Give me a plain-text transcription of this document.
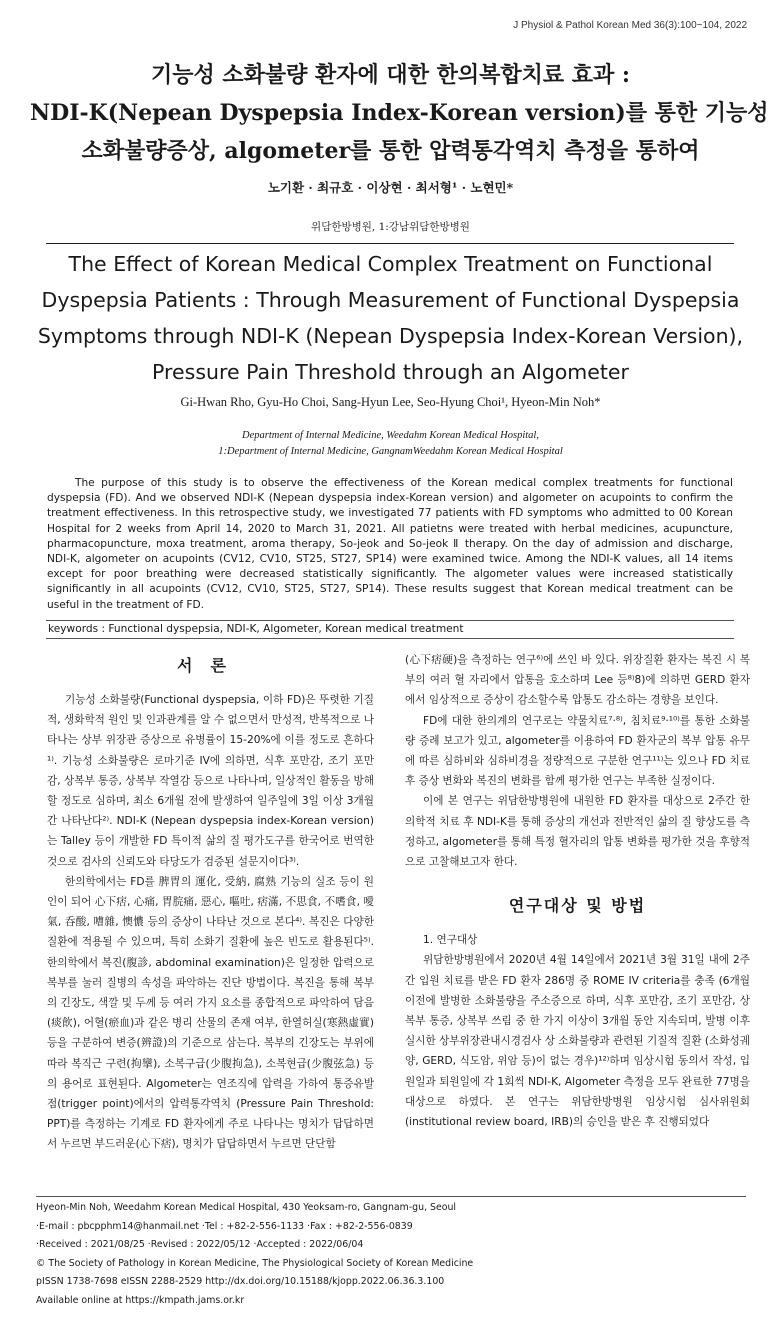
J Physiol & Pathol Korean Med 36(3):100~104, 2022
기능성 소화불량 환자에 대한 한의복합치료 효과 :
NDI-K(Nepean Dyspepsia Index-Korean version)를 통한 기능성
소화불량증상, algometer를 통한 압력통각역치 측정을 통하여
노기환 · 최규호 · 이상현 · 최서형¹ · 노현민*
위담한방병원, 1:강남위담한방병원
The Effect of Korean Medical Complex Treatment on Functional
Dyspepsia Patients : Through Measurement of Functional Dyspepsia
Symptoms through NDI-K (Nepean Dyspepsia Index-Korean Version),
Pressure Pain Threshold through an Algometer
Gi-Hwan Rho, Gyu-Ho Choi, Sang-Hyun Lee, Seo-Hyung Choi¹, Hyeon-Min Noh*
Department of Internal Medicine, Weedahm Korean Medical Hospital,
1:Department of Internal Medicine, GangnamWeedahm Korean Medical Hospital
The purpose of this study is to observe the effectiveness of the Korean medical complex treatments for functional dyspepsia (FD). And we observed NDI-K (Nepean dyspepsia index-Korean version) and algometer on acupoints to confirm the treatment effectiveness. In this retrospective study, we investigated 77 patients with FD symptoms who admitted to 00 Korean Hospital for 2 weeks from April 14, 2020 to March 31, 2021. All patietns were treated with herbal medicines, acupuncture, pharmacopuncture, moxa treatment, aroma therapy, So-jeok and So-jeok Ⅱ therapy. On the day of admission and discharge, NDI-K, algometer on acupoints (CV12, CV10, ST25, ST27, SP14) were examined twice. Among the NDI-K values, all 14 items except for poor breathing were decreased statistically significantly. The algometer values were increased statistically significantly in all acupoints (CV12, CV10, ST25, ST27, SP14). These results suggest that Korean medical treatment can be useful in the treatment of FD.
keywords : Functional dyspepsia, NDI-K, Algometer, Korean medical treatment
서론

기능성 소화불량(Functional dyspepsia, 이하 FD)은 뚜렷한 기질적, 생화학적 원인 및 인과관계를 알 수 없으면서 만성적, 반복적으로 나타나는 상부 위장관 증상으로 유병률이 15-20%에 이를 정도로 흔하다¹⁾. 기능성 소화불량은 로마기준 IV에 의하면, 식후 포만감, 조기 포만감, 상복부 통증, 상복부 작열감 등으로 나타나며, 일상적인 활동을 방해할 정도로 심하며, 최소 6개월 전에 발생하여 일주일에 3일 이상 3개월간 나타난다²⁾. NDI-K (Nepean dyspepsia index-Korean version)는 Talley 등이 개발한 FD 특이적 삶의 질 평가도구를 한국어로 번역한 것으로 검사의 신뢰도와 타당도가 검증된 설문지이다³⁾.

한의학에서는 FD를 脾胃의 運化, 受納, 腐熟 기능의 실조 등이 원인이 되어 心下痞, 心痛, 胃脘痛, 惡心, 嘔吐, 痞滿, 不思食, 不嗜食, 噯氣, 呑酸, 嘈雜, 懊憹 등의 증상이 나타난 것으로 본다⁴⁾. 복진은 다양한 질환에 적용될 수 있으며, 특히 소화기 질환에 높은 빈도로 활용된다⁵⁾. 한의학에서 복진(腹診, abdominal examination)은 일정한 압력으로 복부를 눌러 질병의 속성을 파악하는 진단 방법이다. 복진을 통해 복부의 긴장도, 색깔 및 두께 등 여러 가지 요소를 종합적으로 파악하여 담음(痰飮), 어혈(瘀血)과 같은 병리 산물의 존재 여부, 한열허실(寒熱虛實) 등을 구분하여 변증(辨證)의 기준으로 삼는다. 복부의 긴장도는 부위에 따라 복직근 구련(拘攣), 소복구급(少腹拘急), 소복현급(少腹弦急) 등의 용어로 표현된다. Algometer는 연조직에 압력을 가하여 통증유발점(trigger point)에서의 압력통각역치 (Pressure Pain Threshold: PPT)를 측정하는 기계로 FD 환자에게 주로 나타나는 명치가 답답하면서 누르면 부드러운(心下痞), 명치가 답답하면서 누르면 단단함

(心下痞硬)을 측정하는 연구⁶⁾에 쓰인 바 있다. 위장질환 환자는 복진 시 복부의 여러 혈 자리에서 압통을 호소하며 Lee 등⁸⁾8)에 의하면 GERD 환자에서 임상적으로 증상이 감소할수록 압통도 감소하는 경향을 보인다.

FD에 대한 한의계의 연구로는 약물치료⁷·⁸⁾, 침치료⁹·¹⁰⁾를 통한 소화불량 증례 보고가 있고, algometer를 이용하여 FD 환자군의 복부 압통 유무에 따른 심하비와 심하비경을 정량적으로 구분한 연구¹¹⁾는 있으나 FD 치료 후 증상 변화와 복진의 변화를 함께 평가한 연구는 부족한 실정이다.

이에 본 연구는 위담한방병원에 내원한 FD 환자를 대상으로 2주간 한의학적 치료 후 NDI-K를 통해 증상의 개선과 전반적인 삶의 질 향상도를 측정하고, algometer를 통해 특정 혈자리의 압통 변화를 평가한 것을 후향적으로 고찰해보고자 한다.

연구대상 및 방법

1. 연구대상

위담한방병원에서 2020년 4월 14일에서 2021년 3월 31일 내에 2주간 입원 치료를 받은 FD 환자 286명 중 ROME IV criteria를 충족 (6개월 이전에 발병한 소화불량을 주소증으로 하며, 식후 포만감, 조기 포만감, 상복부 통증, 상복부 쓰림 중 한 가지 이상이 3개월 동안 지속되며, 발병 이후 실시한 상부위장관내시경검사 상 소화불량과 관련된 기질적 질환 (소화성궤양, GERD, 식도암, 위암 등)이 없는 경우)¹²⁾하며 임상시험 동의서 작성, 입원일과 퇴원일에 각 1회씩 NDI-K, Algometer 측정을 모두 완료한 77명을 대상으로 하였다. 본 연구는 위담한방병원 임상시험 심사위원회(institutional review board, IRB)의 승인을 받은 후 진행되었다

Hyeon-Min Noh, Weedahm Korean Medical Hospital, 430 Yeoksam-ro, Gangnam-gu, Seoul
·E-mail : pbcpphm14@hanmail.net ·Tel : +82-2-556-1133 ·Fax : +82-2-556-0839
·Received : 2021/08/25 ·Revised : 2022/05/12 ·Accepted : 2022/06/04
© The Society of Pathology in Korean Medicine, The Physiological Society of Korean Medicine
pISSN 1738-7698 eISSN 2288-2529 http://dx.doi.org/10.15188/kjopp.2022.06.36.3.100
Available online at https://kmpath.jams.or.kr
